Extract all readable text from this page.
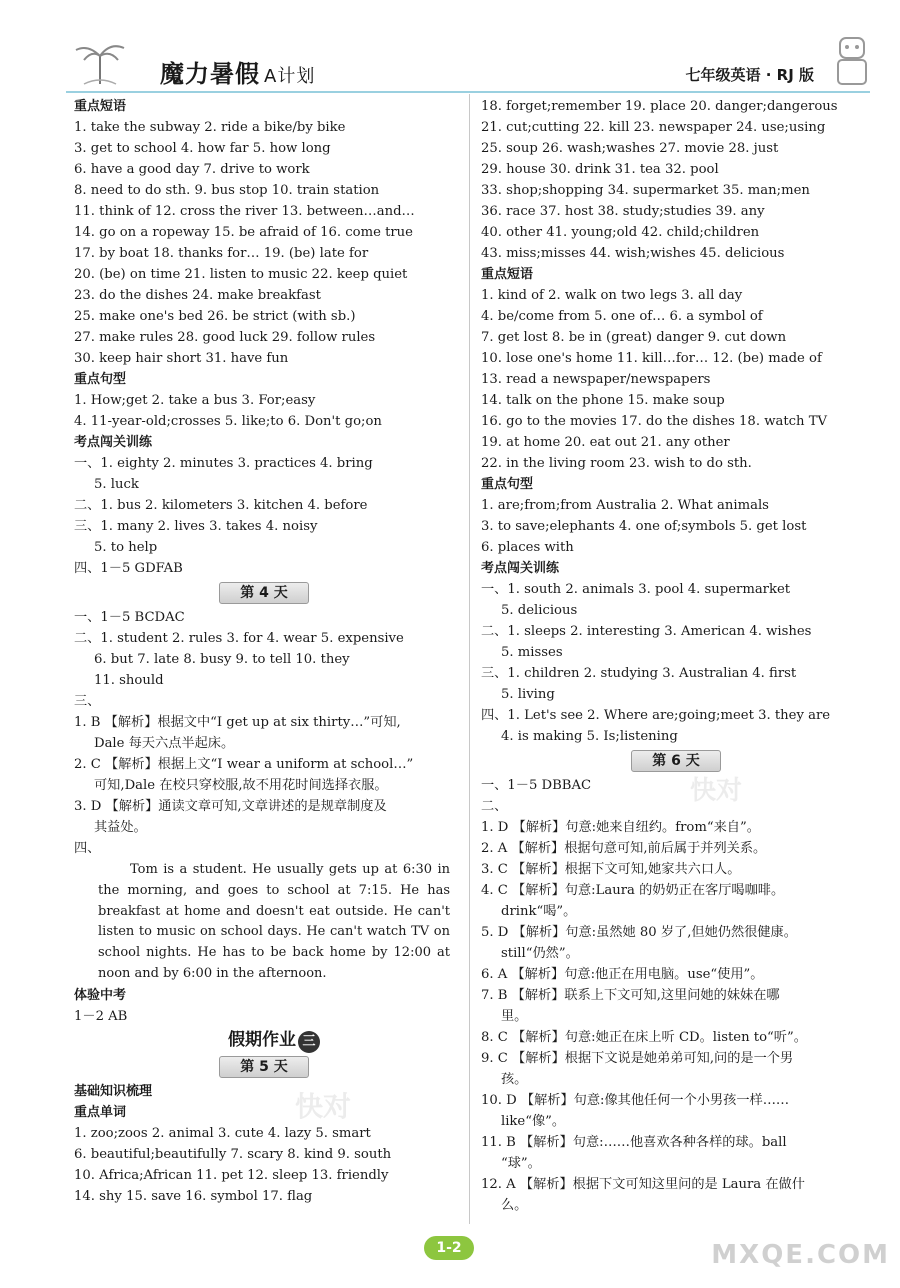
魔力暑假 A计划	七年级英语 · RJ 版
重点短语
1. take the subway 2. ride a bike/by bike
3. get to school 4. how far 5. how long
6. have a good day 7. drive to work
8. need to do sth. 9. bus stop 10. train station
11. think of 12. cross the river 13. between…and…
14. go on a ropeway 15. be afraid of 16. come true
17. by boat 18. thanks for… 19. (be) late for
20. (be) on time 21. listen to music 22. keep quiet
23. do the dishes 24. make breakfast
25. make one's bed 26. be strict (with sb.)
27. make rules 28. good luck 29. follow rules
30. keep hair short 31. have fun
重点句型
1. How;get 2. take a bus 3. For;easy
4. 11-year-old;crosses 5. like;to 6. Don't go;on
考点闯关训练
一、1. eighty 2. minutes 3. practices 4. bring
5. luck
二、1. bus 2. kilometers 3. kitchen 4. before
三、1. many 2. lives 3. takes 4. noisy
5. to help
四、1－5 GDFAB
第 4 天
一、1－5 BCDAC
二、1. student 2. rules 3. for 4. wear 5. expensive
6. but 7. late 8. busy 9. to tell 10. they
11. should
三、
1. B 【解析】根据文中“I get up at six thirty…”可知,
Dale 每天六点半起床。
2. C 【解析】根据上文“I wear a uniform at school…”
可知,Dale 在校只穿校服,故不用花时间选择衣服。
3. D 【解析】通读文章可知,文章讲述的是规章制度及
其益处。
四、
Tom is a student. He usually gets up at 6:30 in the morning, and goes to school at 7:15. He has breakfast at home and doesn't eat outside. He can't listen to music on school days. He can't watch TV on school nights. He has to be back home by 12:00 at noon and by 6:00 in the afternoon.
体验中考
1－2 AB
假期作业 三
第 5 天
基础知识梳理
重点单词
1. zoo;zoos 2. animal 3. cute 4. lazy 5. smart
6. beautiful;beautifully 7. scary 8. kind 9. south
10. Africa;African 11. pet 12. sleep 13. friendly
14. shy 15. save 16. symbol 17. flag
18. forget;remember 19. place 20. danger;dangerous
21. cut;cutting 22. kill 23. newspaper 24. use;using
25. soup 26. wash;washes 27. movie 28. just
29. house 30. drink 31. tea 32. pool
33. shop;shopping 34. supermarket 35. man;men
36. race 37. host 38. study;studies 39. any
40. other 41. young;old 42. child;children
43. miss;misses 44. wish;wishes 45. delicious
重点短语
1. kind of 2. walk on two legs 3. all day
4. be/come from 5. one of… 6. a symbol of
7. get lost 8. be in (great) danger 9. cut down
10. lose one's home 11. kill…for… 12. (be) made of
13. read a newspaper/newspapers
14. talk on the phone 15. make soup
16. go to the movies 17. do the dishes 18. watch TV
19. at home 20. eat out 21. any other
22. in the living room 23. wish to do sth.
重点句型
1. are;from;from Australia 2. What animals
3. to save;elephants 4. one of;symbols 5. get lost
6. places with
考点闯关训练
一、1. south 2. animals 3. pool 4. supermarket
5. delicious
二、1. sleeps 2. interesting 3. American 4. wishes
5. misses
三、1. children 2. studying 3. Australian 4. first
5. living
四、1. Let's see 2. Where are;going;meet 3. they are
4. is making 5. Is;listening
第 6 天
一、1－5 DBBAC
二、
1. D 【解析】句意:她来自纽约。from“来自”。
2. A 【解析】根据句意可知,前后属于并列关系。
3. C 【解析】根据下文可知,她家共六口人。
4. C 【解析】句意:Laura 的奶奶正在客厅喝咖啡。
drink“喝”。
5. D 【解析】句意:虽然她 80 岁了,但她仍然很健康。
still“仍然”。
6. A 【解析】句意:他正在用电脑。use“使用”。
7. B 【解析】联系上下文可知,这里问她的妹妹在哪
里。
8. C 【解析】句意:她正在床上听 CD。listen to“听”。
9. C 【解析】根据下文说是她弟弟可知,问的是一个男
孩。
10. D 【解析】句意:像其他任何一个小男孩一样……
like“像”。
11. B 【解析】句意:……他喜欢各种各样的球。ball
“球”。
12. A 【解析】根据下文可知这里问的是 Laura 在做什
么。
快对
快对
1-2	MXQE.COM
